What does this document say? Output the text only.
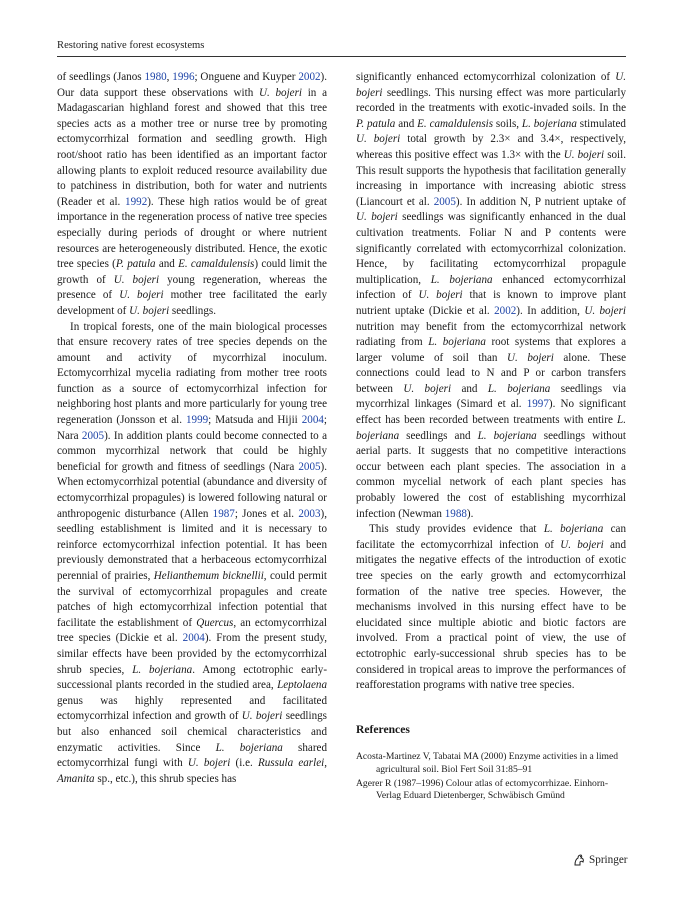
Restoring native forest ecosystems

of seedlings (Janos 1980, 1996; Onguene and Kuyper 2002). Our data support these observations with U. bojeri in a Madagascarian highland forest and showed that this tree species acts as a mother tree or nurse tree by promoting ectomycorrhizal formation and seedling growth. High root/shoot ratio has been identified as an important factor allowing plants to exploit reduced resource availability due to patchiness in distribution, both for water and nutrients (Reader et al. 1992). These high ratios would be of great importance in the regeneration process of native tree species especially during periods of drought or where nutrient resources are heterogeneously distributed. Hence, the exotic tree species (P. patula and E. camaldulensis) could limit the growth of U. bojeri young regeneration, whereas the presence of U. bojeri mother tree facilitated the early development of U. bojeri seedlings.

In tropical forests, one of the main biological processes that ensure recovery rates of tree species depends on the amount and activity of mycorrhizal inoculum. Ectomycorrhizal mycelia radiating from mother tree roots function as a source of ectomycorrhizal infection for neighboring host plants and more particularly for young tree regeneration (Jonsson et al. 1999; Matsuda and Hijii 2004; Nara 2005). In addition plants could become connected to a common mycorrhizal network that could be highly beneficial for growth and fitness of seedlings (Nara 2005). When ectomycorrhizal potential (abundance and diversity of ectomycorrhizal propagules) is lowered following natural or anthropogenic disturbance (Allen 1987; Jones et al. 2003), seedling establishment is limited and it is necessary to reinforce ectomycorrhizal infection potential. It has been previously demonstrated that a herbaceous ectomycorrhizal perennial of prairies, Helianthemum bicknellii, could permit the survival of ectomycorrhizal propagules and create patches of high ectomycorrhizal infection potential that facilitate the establishment of Quercus, an ectomycorrhizal tree species (Dickie et al. 2004). From the present study, similar effects have been provided by the ectomycorrhizal shrub species, L. bojeriana. Among ectotrophic early-successional plants recorded in the studied area, Leptolaena genus was highly represented and facilitated ectomycorrhizal infection and growth of U. bojeri seedlings but also enhanced soil chemical characteristics and enzymatic activities. Since L. bojeriana shared ectomycorrhizal fungi with U. bojeri (i.e. Russula earlei, Amanita sp., etc.), this shrub species has

significantly enhanced ectomycorrhizal colonization of U. bojeri seedlings. This nursing effect was more particularly recorded in the treatments with exotic-invaded soils. In the P. patula and E. camaldulensis soils, L. bojeriana stimulated U. bojeri total growth by 2.3× and 3.4×, respectively, whereas this positive effect was 1.3× with the U. bojeri soil. This result supports the hypothesis that facilitation generally increasing in importance with increasing abiotic stress (Liancourt et al. 2005). In addition N, P nutrient uptake of U. bojeri seedlings was significantly enhanced in the dual cultivation treatments. Foliar N and P contents were significantly correlated with ectomycorrhizal colonization. Hence, by facilitating ectomycorrhizal propagule multiplication, L. bojeriana enhanced ectomycorrhizal infection of U. bojeri that is known to improve plant nutrient uptake (Dickie et al. 2002). In addition, U. bojeri nutrition may benefit from the ectomycorrhizal network radiating from L. bojeriana root systems that explores a larger volume of soil than U. bojeri alone. These connections could lead to N and P or carbon transfers between U. bojeri and L. bojeriana seedlings via mycorrhizal linkages (Simard et al. 1997). No significant effect has been recorded between treatments with entire L. bojeriana seedlings and L. bojeriana seedlings without aerial parts. It suggests that no competitive interactions occur between each plant species. The association in a common mycelial network of each plant species has probably lowered the cost of establishing mycorrhizal infection (Newman 1988).

This study provides evidence that L. bojeriana can facilitate the ectomycorrhizal infection of U. bojeri and mitigates the negative effects of the introduction of exotic tree species on the early growth and ectomycorrhizal formation of the native tree species. However, the mechanisms involved in this nursing effect have to be elucidated since multiple abiotic and biotic factors are involved. From a practical point of view, the use of ectotrophic early-successional shrub species has to be considered in tropical areas to improve the performances of reafforestation programs with native tree species.

References
Acosta-Martinez V, Tabatai MA (2000) Enzyme activities in a limed agricultural soil. Biol Fert Soil 31:85–91
Agerer R (1987–1996) Colour atlas of ectomycorrhizae. Einhorn-Verlag Eduard Dietenberger, Schwäbisch Gmünd
Springer
